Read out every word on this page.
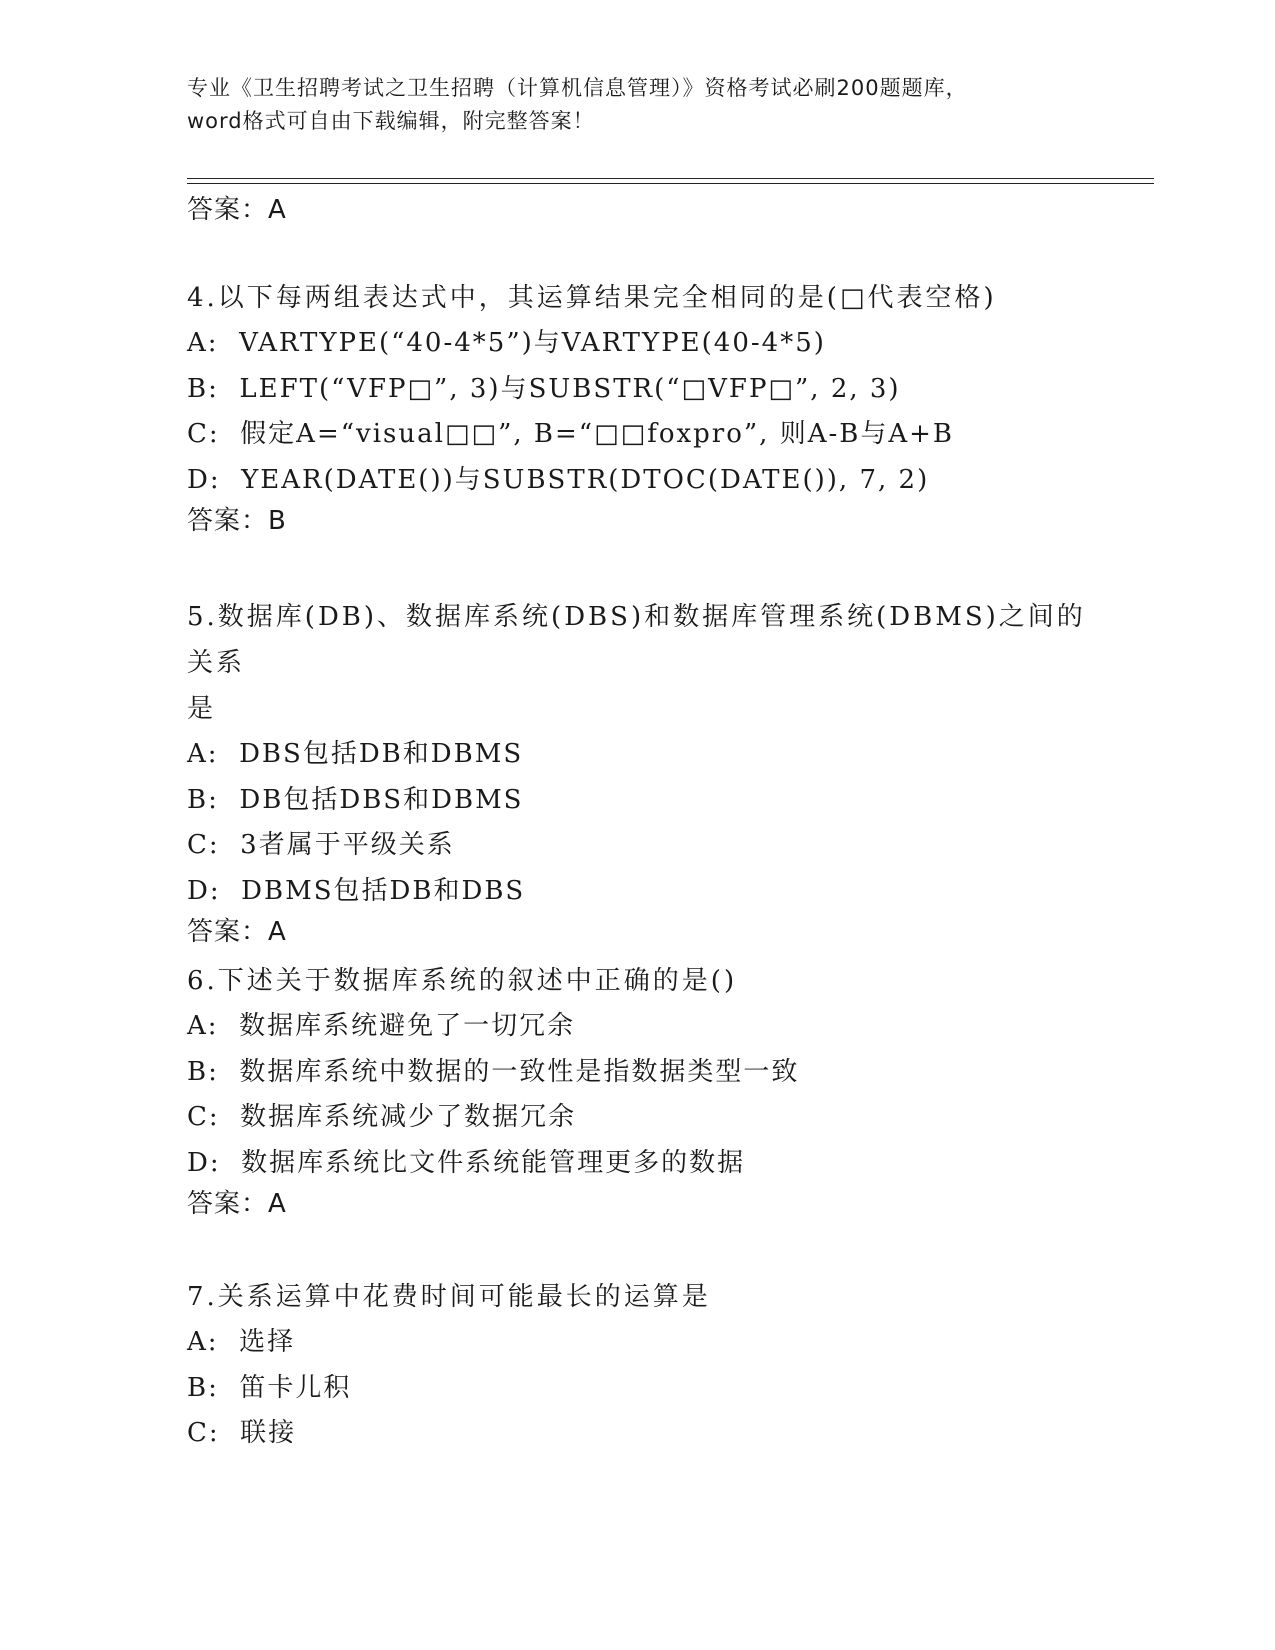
专业《卫生招聘考试之卫生招聘（计算机信息管理）》资格考试必刷200题题库，
word格式可自由下载编辑，附完整答案！
答案：A
4.以下每两组表达式中，其运算结果完全相同的是(□代表空格)
A:  VARTYPE(“40-4*5”)与VARTYPE(40-4*5)
B:  LEFT(“VFP□”, 3)与SUBSTR(“□VFP□”, 2, 3)
C:  假定A=“visual□□”, B=“□□foxpro”, 则A-B与A+B
D:  YEAR(DATE())与SUBSTR(DTOC(DATE()), 7, 2)
答案：B
5.数据库(DB)、数据库系统(DBS)和数据库管理系统(DBMS)之间的关系
是
A:  DBS包括DB和DBMS
B:  DB包括DBS和DBMS
C:  3者属于平级关系
D:  DBMS包括DB和DBS
答案：A
6.下述关于数据库系统的叙述中正确的是()
A:  数据库系统避免了一切冗余
B:  数据库系统中数据的一致性是指数据类型一致
C:  数据库系统减少了数据冗余
D:  数据库系统比文件系统能管理更多的数据
答案：A
7.关系运算中花费时间可能最长的运算是
A:  选择
B:  笛卡儿积
C:  联接
